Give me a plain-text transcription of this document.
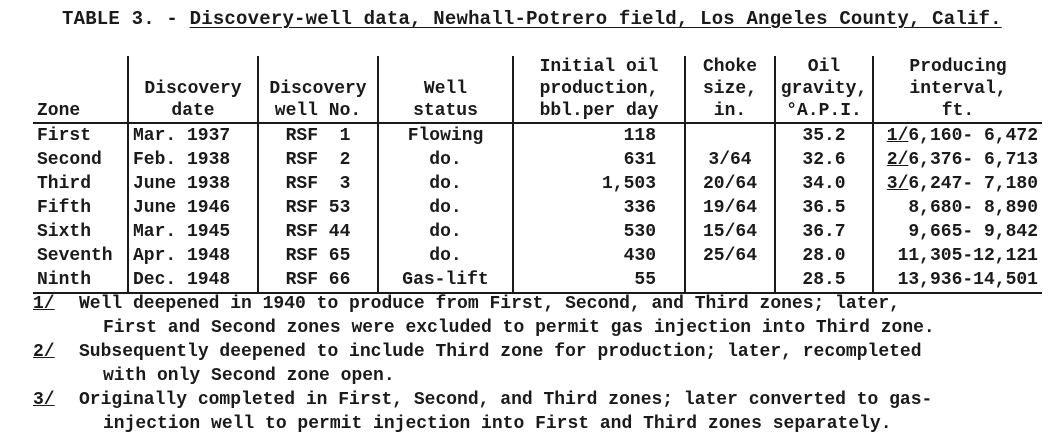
TABLE 3. - Discovery-well data, Newhall-Potrero field, Los Angeles County, Calif.
				Initial oil	Choke	Oil	Producing
	Discovery	Discovery	Well	production,	size,	gravity,	interval,
Zone	date	well No.	status	bbl.per day	in.	°A.P.I.	ft.
First	Mar. 1937	RSF  1	Flowing	118		35.2	1/6,160- 6,472
Second	Feb. 1938	RSF  2	do.	631	3/64	32.6	2/6,376- 6,713
Third	June 1938	RSF  3	do.	1,503	20/64	34.0	3/6,247- 7,180
Fifth	June 1946	RSF 53	do.	336	19/64	36.5	8,680- 8,890
Sixth	Mar. 1945	RSF 44	do.	530	15/64	36.7	9,665- 9,842
Seventh	Apr. 1948	RSF 65	do.	430	25/64	28.0	11,305-12,121
Ninth	Dec. 1948	RSF 66	Gas-lift	55		28.5	13,936-14,501
1/	Well deepened in 1940 to produce from First, Second, and Third zones; later,
First and Second zones were excluded to permit gas injection into Third zone.
2/	Subsequently deepened to include Third zone for production; later, recompleted
with only Second zone open.
3/	Originally completed in First, Second, and Third zones; later converted to gas-
injection well to permit injection into First and Third zones separately.
